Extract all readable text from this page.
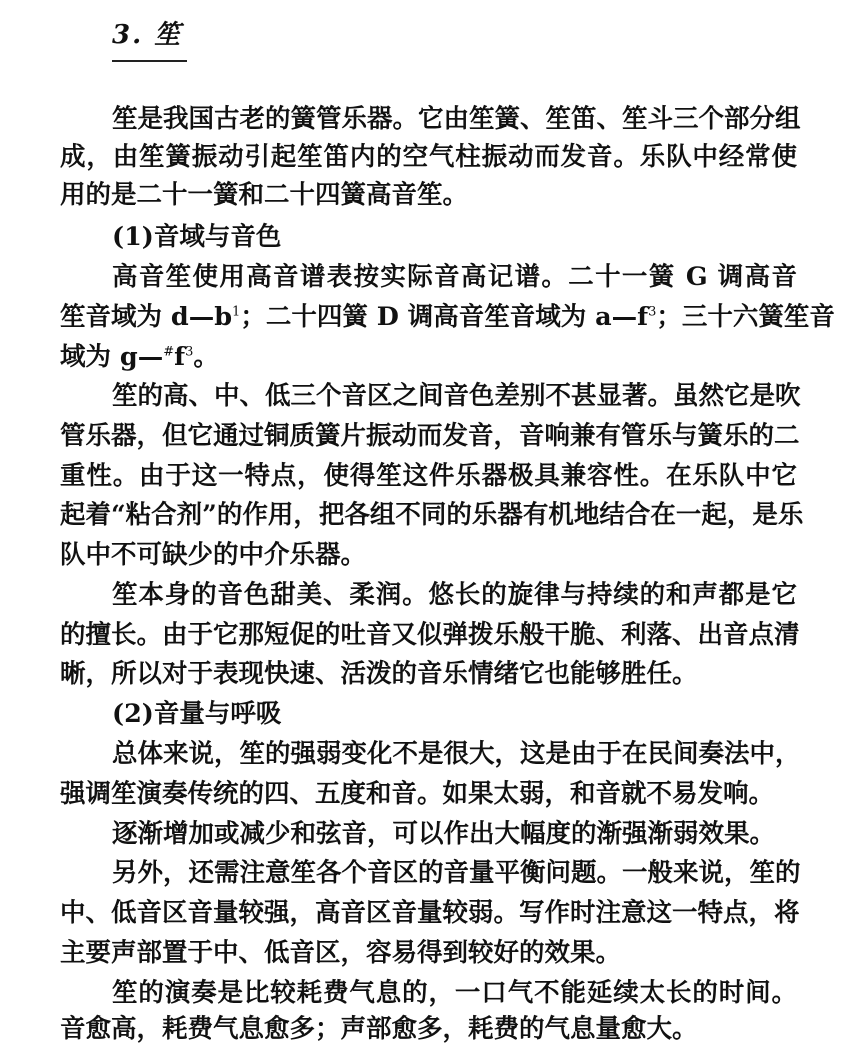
3. 笙
笙是我国古老的簧管乐器。它由笙簧、笙笛、笙斗三个部分组
成，由笙簧振动引起笙笛内的空气柱振动而发音。乐队中经常使
用的是二十一簧和二十四簧高音笙。
(1)音域与音色
高音笙使用高音谱表按实际音高记谱。二十一簧 G 调高音
笙音域为 $d—b^1$；二十四簧 D 调高音笙音域为 $a—f^3$；三十六簧笙音
域为 $g—^{\#}f^3$。
笙的高、中、低三个音区之间音色差别不甚显著。虽然它是吹
管乐器，但它通过铜质簧片振动而发音，音响兼有管乐与簧乐的二
重性。由于这一特点，使得笙这件乐器极具兼容性。在乐队中它
起着“粘合剂”的作用，把各组不同的乐器有机地结合在一起，是乐
队中不可缺少的中介乐器。
笙本身的音色甜美、柔润。悠长的旋律与持续的和声都是它
的擅长。由于它那短促的吐音又似弹拨乐般干脆、利落、出音点清
晰，所以对于表现快速、活泼的音乐情绪它也能够胜任。
(2)音量与呼吸
总体来说，笙的强弱变化不是很大，这是由于在民间奏法中，
强调笙演奏传统的四、五度和音。如果太弱，和音就不易发响。
逐渐增加或减少和弦音，可以作出大幅度的渐强渐弱效果。
另外，还需注意笙各个音区的音量平衡问题。一般来说，笙的
中、低音区音量较强，高音区音量较弱。写作时注意这一特点，将
主要声部置于中、低音区，容易得到较好的效果。
笙的演奏是比较耗费气息的，一口气不能延续太长的时间。
音愈高，耗费气息愈多；声部愈多，耗费的气息量愈大。
